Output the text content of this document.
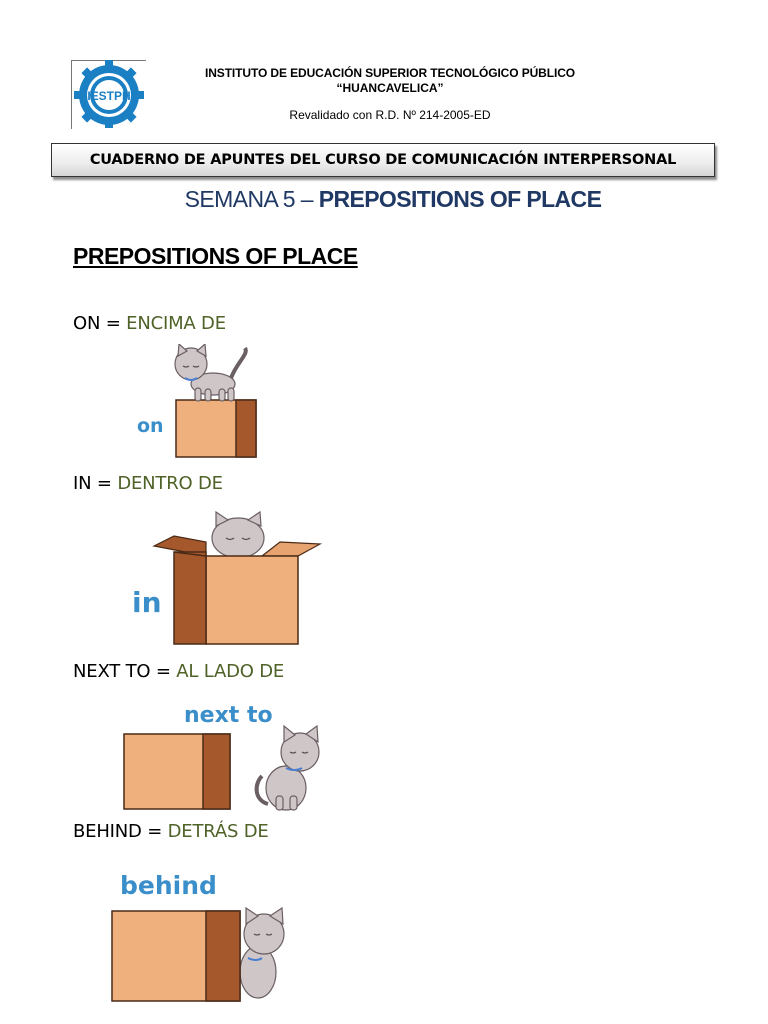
IESTPH
INSTITUTO DE EDUCACIÓN SUPERIOR TECNOLÓGICO PÚBLICO
“HUANCAVELICA”
Revalidado con R.D. Nº 214-2005-ED
CUADERNO DE APUNTES DEL CURSO DE COMUNICACIÓN INTERPERSONAL
SEMANA 5 – PREPOSITIONS OF PLACE
PREPOSITIONS OF PLACE
ON = ENCIMA DE
on
IN = DENTRO DE
in
NEXT TO = AL LADO DE
next to
BEHIND = DETRÁS DE
behind
